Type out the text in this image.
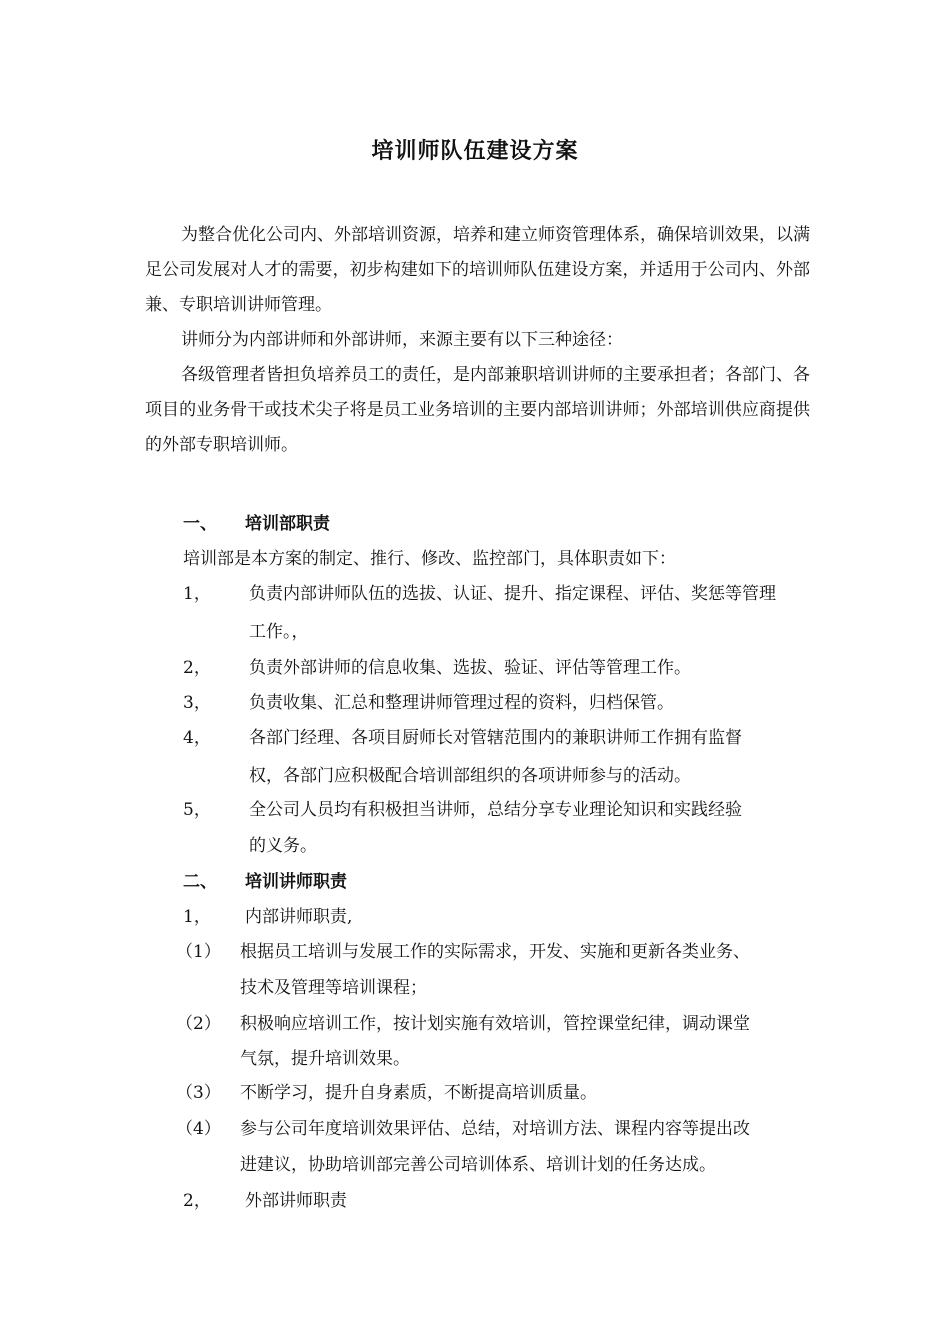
培训师队伍建设方案

为整合优化公司内、外部培训资源，培养和建立师资管理体系，确保培训效果，以满足公司发展对人才的需要，初步构建如下的培训师队伍建设方案，并适用于公司内、外部兼、专职培训讲师管理。

讲师分为内部讲师和外部讲师，来源主要有以下三种途径：

各级管理者皆担负培养员工的责任，是内部兼职培训讲师的主要承担者；各部门、各项目的业务骨干或技术尖子将是员工业务培训的主要内部培训讲师；外部培训供应商提供的外部专职培训师。

一、 培训部职责
培训部是本方案的制定、推行、修改、监控部门，具体职责如下：
1， 负责内部讲师队伍的选拔、认证、提升、指定课程、评估、奖惩等管理
工作。，
2， 负责外部讲师的信息收集、选拔、验证、评估等管理工作。
3， 负责收集、汇总和整理讲师管理过程的资料，归档保管。
4， 各部门经理、各项目厨师长对管辖范围内的兼职讲师工作拥有监督
权，各部门应积极配合培训部组织的各项讲师参与的活动。
5， 全公司人员均有积极担当讲师，总结分享专业理论知识和实践经验
的义务。
二、 培训讲师职责
1， 内部讲师职责,
（1） 根据员工培训与发展工作的实际需求，开发、实施和更新各类业务、
技术及管理等培训课程；
（2） 积极响应培训工作，按计划实施有效培训，管控课堂纪律，调动课堂
气氛，提升培训效果。
（3） 不断学习，提升自身素质，不断提高培训质量。
（4） 参与公司年度培训效果评估、总结，对培训方法、课程内容等提出改
进建议，协助培训部完善公司培训体系、培训计划的任务达成。
2， 外部讲师职责
